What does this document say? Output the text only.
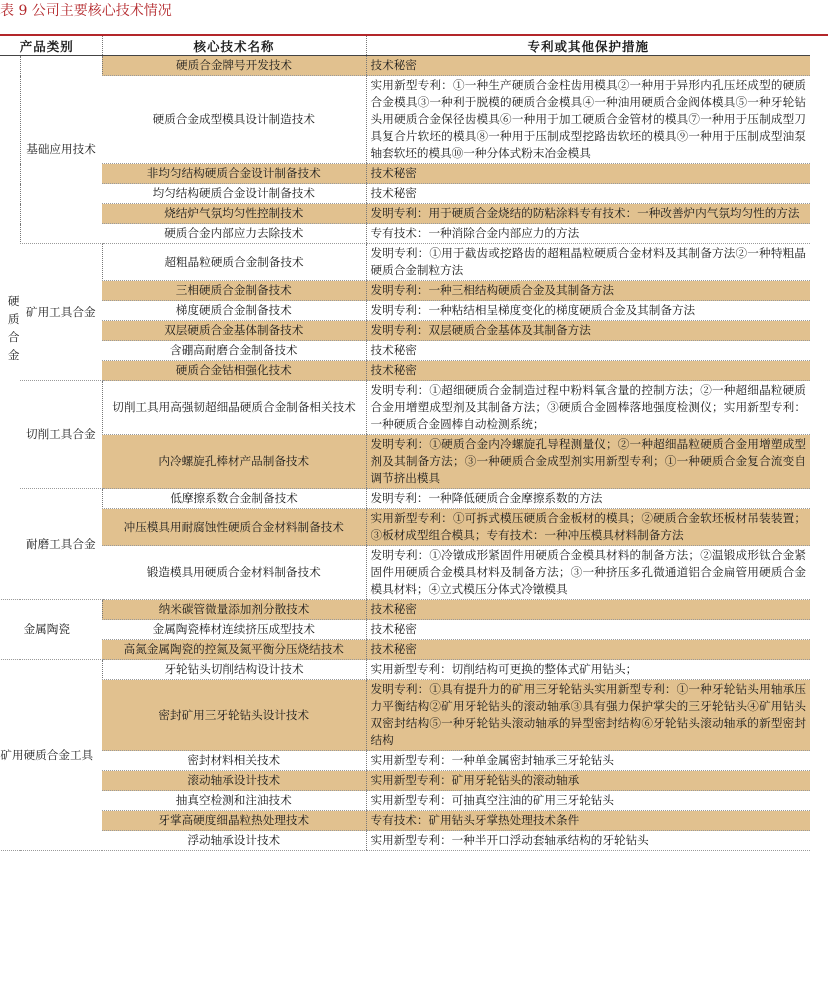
表 9 公司主要核心技术情况
产品类别		核心技术名称	专利或其他保护措施

硬质合金	基础应用技术	硬质合金牌号开发技术	技术秘密
		硬质合金成型模具设计制造技术	实用新型专利：①一种生产硬质合金柱齿用模具②一种用于异形内孔压坯成型的硬质合金模具③一种利于脱模的硬质合金模具④一种油用硬质合金阀体模具⑤一种牙轮钻头用硬质合金保径齿模具⑥一种用于加工硬质合金管材的模具⑦一种用于压制成型刀具复合片软坯的模具⑧一种用于压制成型挖路齿软坯的模具⑨一种用于压制成型油泵轴套软坯的模具⑩一种分体式粉末冶金模具
		非均匀结构硬质合金设计制备技术	技术秘密
		均匀结构硬质合金设计制备技术	技术秘密
		烧结炉气氛均匀性控制技术	发明专利：用于硬质合金烧结的防粘涂料专有技术：一种改善炉内气氛均匀性的方法
		硬质合金内部应力去除技术	专有技术：一种消除合金内部应力的方法
	矿用工具合金	超粗晶粒硬质合金制备技术	发明专利：①用于截齿或挖路齿的超粗晶粒硬质合金材料及其制备方法②一种特粗晶硬质合金制粒方法
		三相硬质合金制备技术	发明专利：一种三相结构硬质合金及其制备方法
		梯度硬质合金制备技术	发明专利：一种粘结相呈梯度变化的梯度硬质合金及其制备方法
		双层硬质合金基体制备技术	发明专利：双层硬质合金基体及其制备方法
		含硼高耐磨合金制备技术	技术秘密
		硬质合金钴相强化技术	技术秘密
	切削工具合金	切削工具用高强韧超细晶硬质合金制备相关技术	发明专利：①超细硬质合金制造过程中粉料氧含量的控制方法；②一种超细晶粒硬质合金用增塑成型剂及其制备方法；③硬质合金圆棒落地强度检测仪；实用新型专利：一种硬质合金圆棒自动检测系统；
		内冷螺旋孔棒材产品制备技术	发明专利：①硬质合金内冷螺旋孔导程测量仪；②一种超细晶粒硬质合金用增塑成型剂及其制备方法；③一种硬质合金成型剂实用新型专利；①一种硬质合金复合流变自调节挤出模具
	耐磨工具合金	低摩擦系数合金制备技术	发明专利：一种降低硬质合金摩擦系数的方法
		冲压模具用耐腐蚀性硬质合金材料制备技术	实用新型专利：①可拆式模压硬质合金板材的模具；②硬质合金软坯板材吊装装置；③板材成型组合模具；专有技术：一种冲压模具材料制备方法
		锻造模具用硬质合金材料制备技术	发明专利：①冷镦成形紧固件用硬质合金模具材料的制备方法；②温锻成形钛合金紧固件用硬质合金模具材料及制备方法；③一种挤压多孔微通道铝合金扁管用硬质合金模具材料；④立式模压分体式冷镦模具
金属陶瓷		纳米碳管微量添加剂分散技术	技术秘密
		金属陶瓷棒材连续挤压成型技术	技术秘密
		高氮金属陶瓷的控氮及氮平衡分压烧结技术	技术秘密
矿用硬质合金工具		牙轮钻头切削结构设计技术	实用新型专利：切削结构可更换的整体式矿用钻头；
		密封矿用三牙轮钻头设计技术	发明专利：①具有提升力的矿用三牙轮钻头实用新型专利：①一种牙轮钻头用轴承压力平衡结构②矿用牙轮钻头的滚动轴承③具有强力保护掌尖的三牙轮钻头④矿用钻头双密封结构⑤一种牙轮钻头滚动轴承的异型密封结构⑥牙轮钻头滚动轴承的新型密封结构
		密封材料相关技术	实用新型专利：一种单金属密封轴承三牙轮钻头
		滚动轴承设计技术	实用新型专利：矿用牙轮钻头的滚动轴承
		抽真空检测和注油技术	实用新型专利：可抽真空注油的矿用三牙轮钻头
		牙掌高硬度细晶粒热处理技术	专有技术：矿用钻头牙掌热处理技术条件
		浮动轴承设计技术	实用新型专利：一种半开口浮动套轴承结构的牙轮钻头
